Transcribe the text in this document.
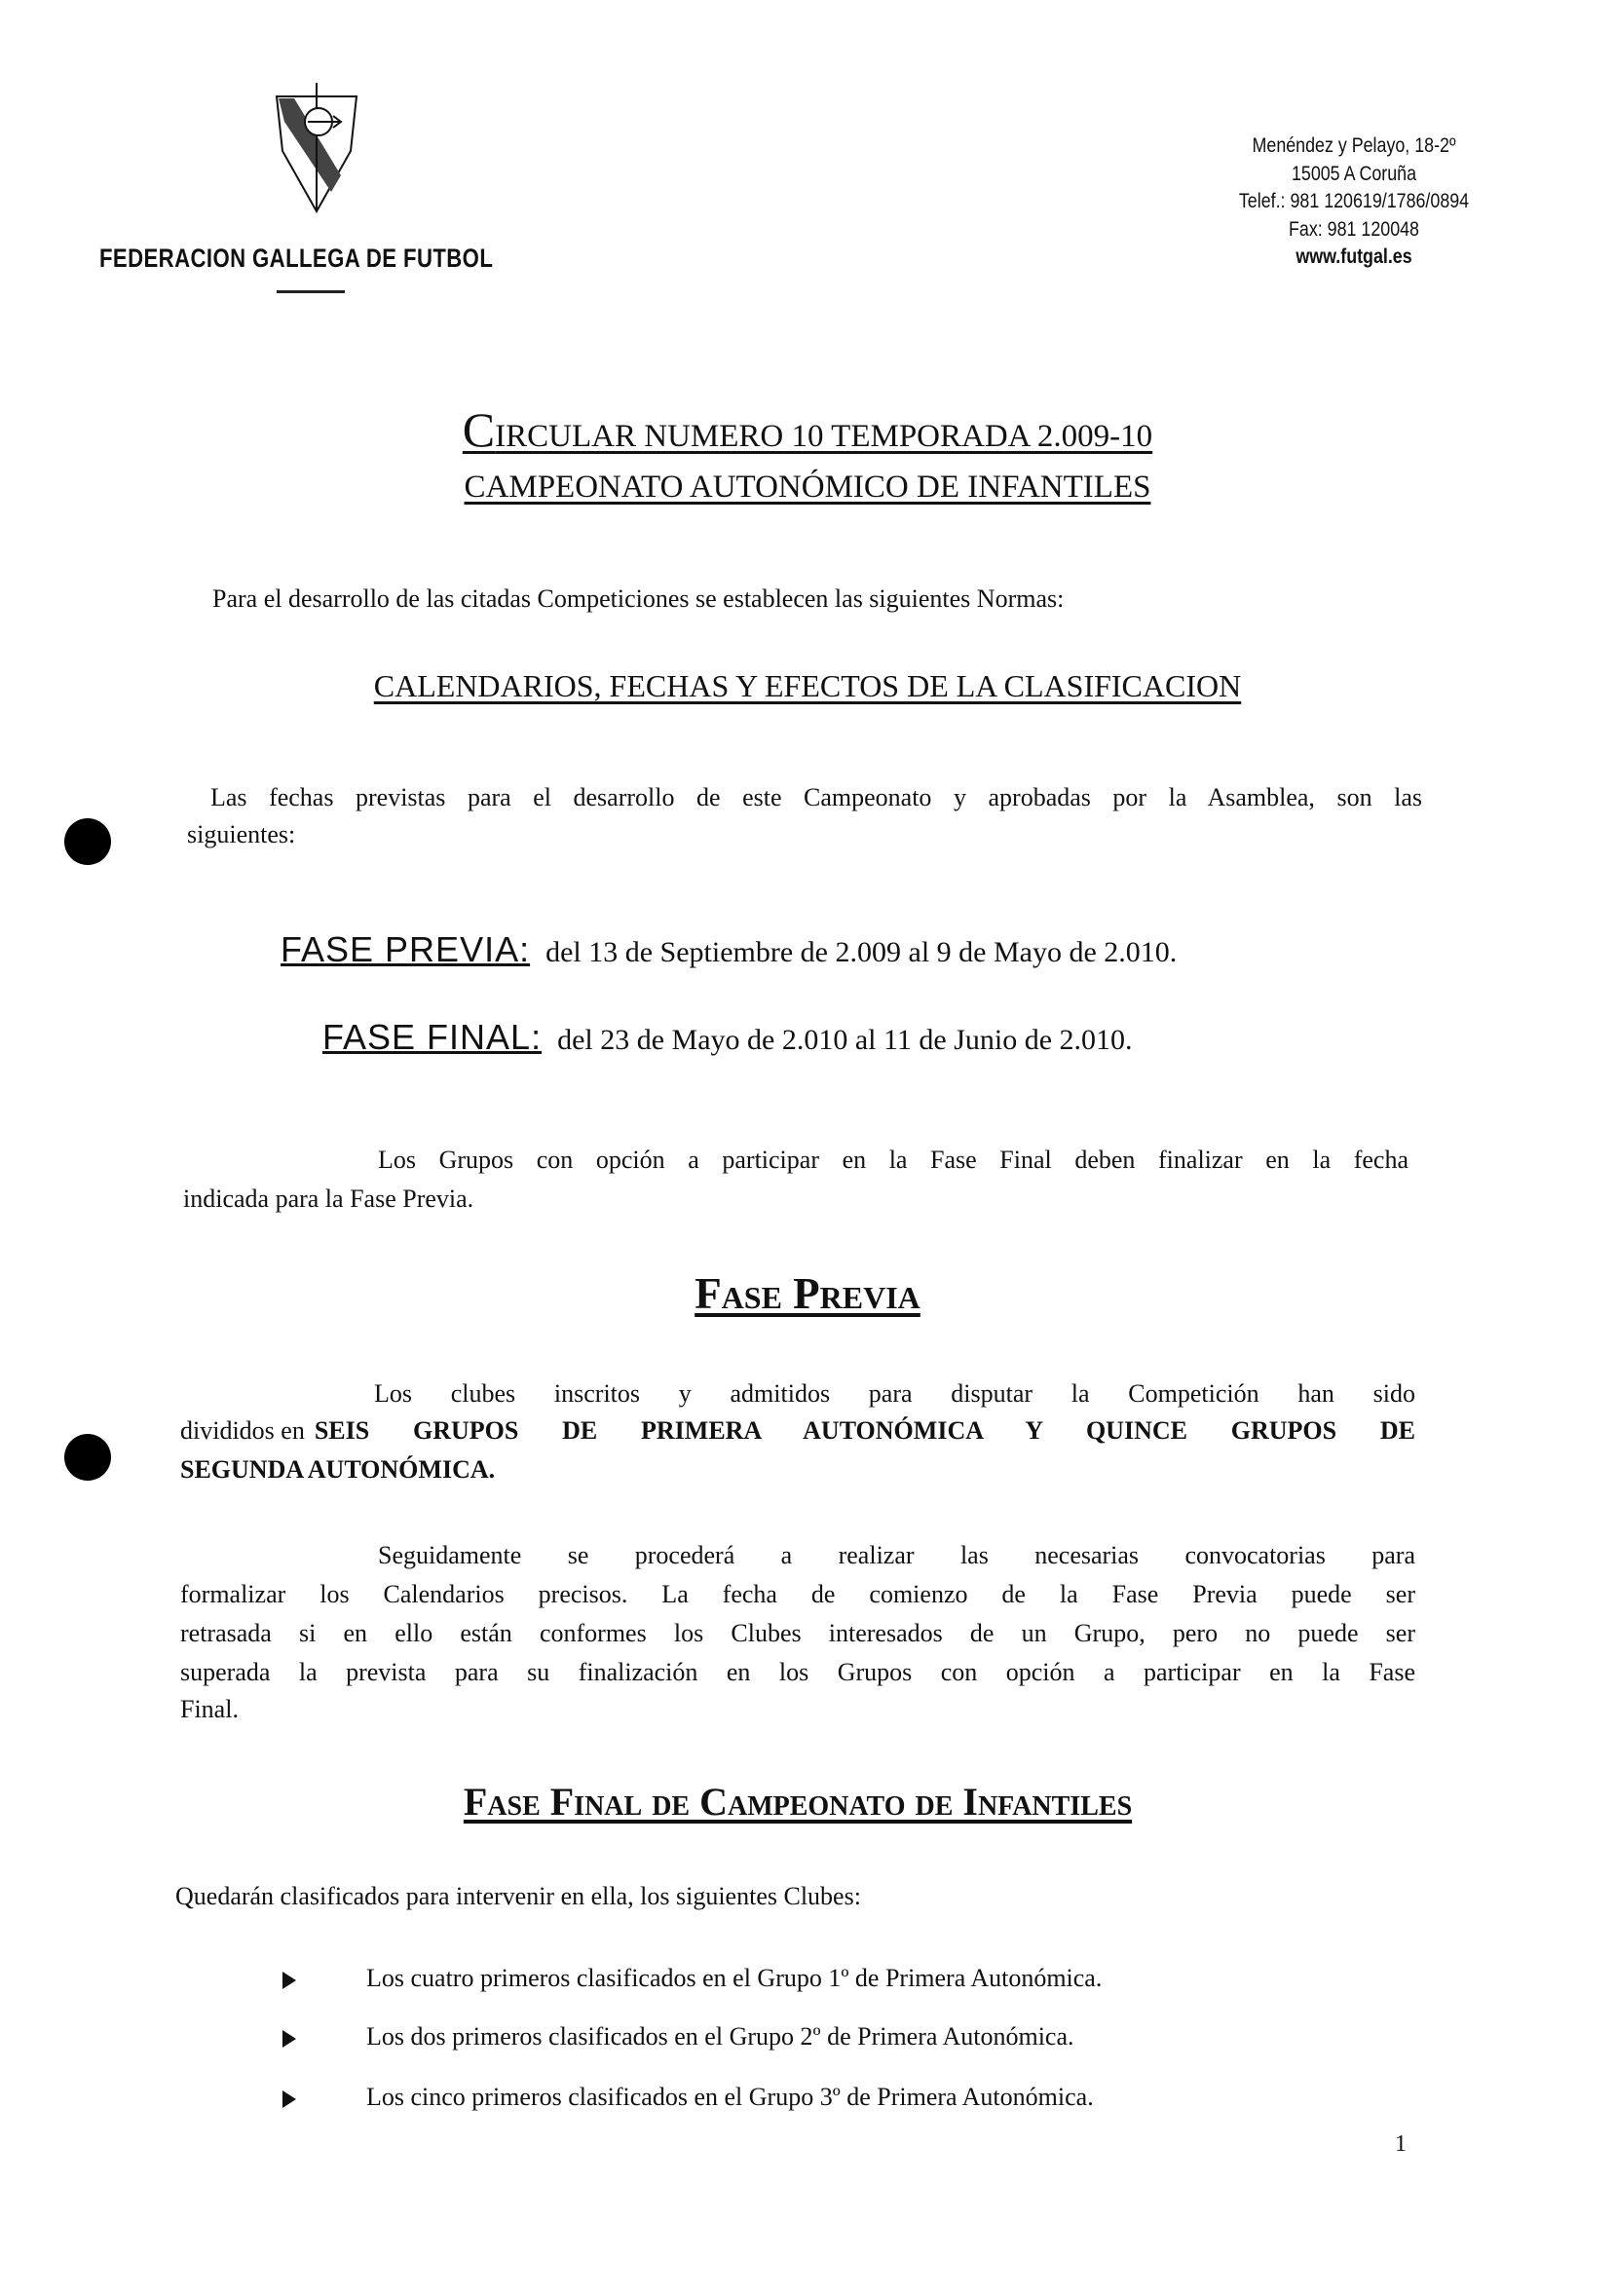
FEDERACION GALLEGA DE FUTBOL
Menéndez y Pelayo, 18-2º
15005 A Coruña
Telef.: 981 120619/1786/0894
Fax: 981 120048
www.futgal.es
CIRCULAR NUMERO 10 TEMPORADA 2.009-10
CAMPEONATO AUTONÓMICO DE INFANTILES
Para el desarrollo de las citadas Competiciones se establecen las siguientes Normas:
CALENDARIOS, FECHAS Y EFECTOS DE LA CLASIFICACION
Las fechas previstas para el desarrollo de este Campeonato y aprobadas por la Asamblea, son las
siguientes:
FASE PREVIA: del 13 de Septiembre de 2.009 al 9 de Mayo de 2.010.
FASE FINAL: del 23 de Mayo de 2.010 al 11 de Junio de 2.010.
Los Grupos con opción a participar en la Fase Final deben finalizar en la fecha
indicada para la Fase Previa.
Fase Previa
Los clubes inscritos y admitidos para disputar la Competición han sido
divididos en SEIS GRUPOS DE PRIMERA AUTONÓMICA Y QUINCE GRUPOS DE
SEGUNDA AUTONÓMICA.
Seguidamente se procederá a realizar las necesarias convocatorias para
formalizar los Calendarios precisos. La fecha de comienzo de la Fase Previa puede ser
retrasada si en ello están conformes los Clubes interesados de un Grupo, pero no puede ser
superada la prevista para su finalización en los Grupos con opción a participar en la Fase
Final.
Fase Final de Campeonato de Infantiles
Quedarán clasificados para intervenir en ella, los siguientes Clubes:
Los cuatro primeros clasificados en el Grupo 1º de Primera Autonómica.
Los dos primeros clasificados en el Grupo 2º de Primera Autonómica.
Los cinco primeros clasificados en el Grupo 3º de Primera Autonómica.
1
